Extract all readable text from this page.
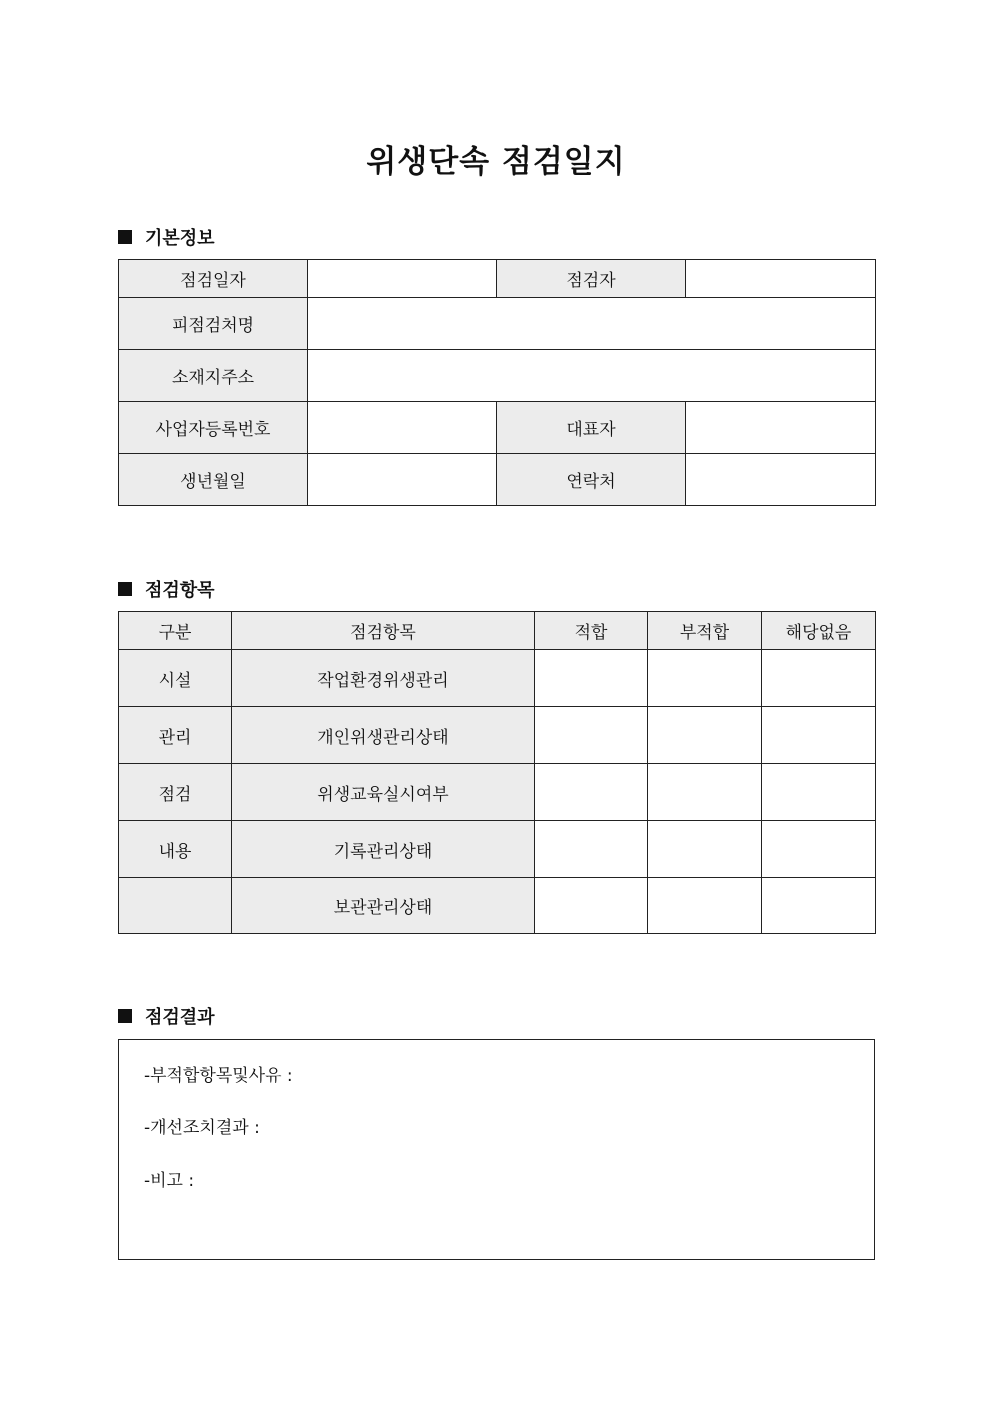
위생단속 점검일지
기본정보
점검일자		점검자	
피점검처명			
소재지주소			
사업자등록번호		대표자	
생년월일		연락처	
점검항목
구분	점검항목	적합	부적합	해당없음
시설	작업환경위생관리			
관리	개인위생관리상태			
점검	위생교육실시여부			
내용	기록관리상태			
	보관관리상태			
점검결과
-부적합항목및사유 :
-개선조치결과 :
-비고 :
